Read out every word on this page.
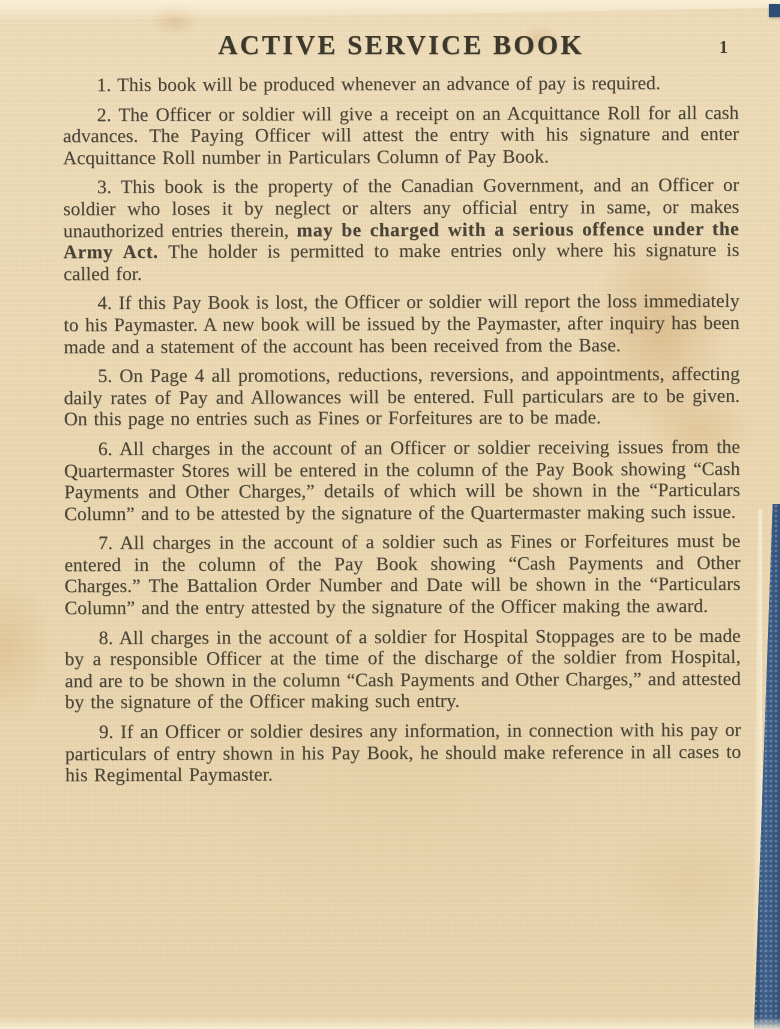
ACTIVE SERVICE BOOK	1

1. This book will be produced whenever an advance of pay is required.

2. The Officer or soldier will give a receipt on an Acquittance Roll for all cash advances. The Paying Officer will attest the entry with his signature and enter Acquittance Roll number in Particulars Column of Pay Book.

3. This book is the property of the Canadian Government, and an Officer or soldier who loses it by neglect or alters any official entry in same, or makes unauthorized entries therein, may be charged with a serious offence under the Army Act. The holder is permitted to make entries only where his signature is called for.

4. If this Pay Book is lost, the Officer or soldier will report the loss immediately to his Paymaster. A new book will be issued by the Paymaster, after inquiry has been made and a statement of the account has been received from the Base.

5. On Page 4 all promotions, reductions, reversions, and appointments, affecting daily rates of Pay and Allowances will be entered. Full particulars are to be given. On this page no entries such as Fines or Forfeitures are to be made.

6. All charges in the account of an Officer or soldier receiving issues from the Quartermaster Stores will be entered in the column of the Pay Book showing “Cash Payments and Other Charges,” details of which will be shown in the “Particulars Column” and to be attested by the signature of the Quartermaster making such issue.

7. All charges in the account of a soldier such as Fines or Forfeitures must be entered in the column of the Pay Book showing “Cash Payments and Other Charges.” The Battalion Order Number and Date will be shown in the “Particulars Column” and the entry attested by the signature of the Officer making the award.

8. All charges in the account of a soldier for Hospital Stoppages are to be made by a responsible Officer at the time of the discharge of the soldier from Hospital, and are to be shown in the column “Cash Payments and Other Charges,” and attested by the signature of the Officer making such entry.

9. If an Officer or soldier desires any information, in connection with his pay or particulars of entry shown in his Pay Book, he should make reference in all cases to his Regimental Paymaster.
